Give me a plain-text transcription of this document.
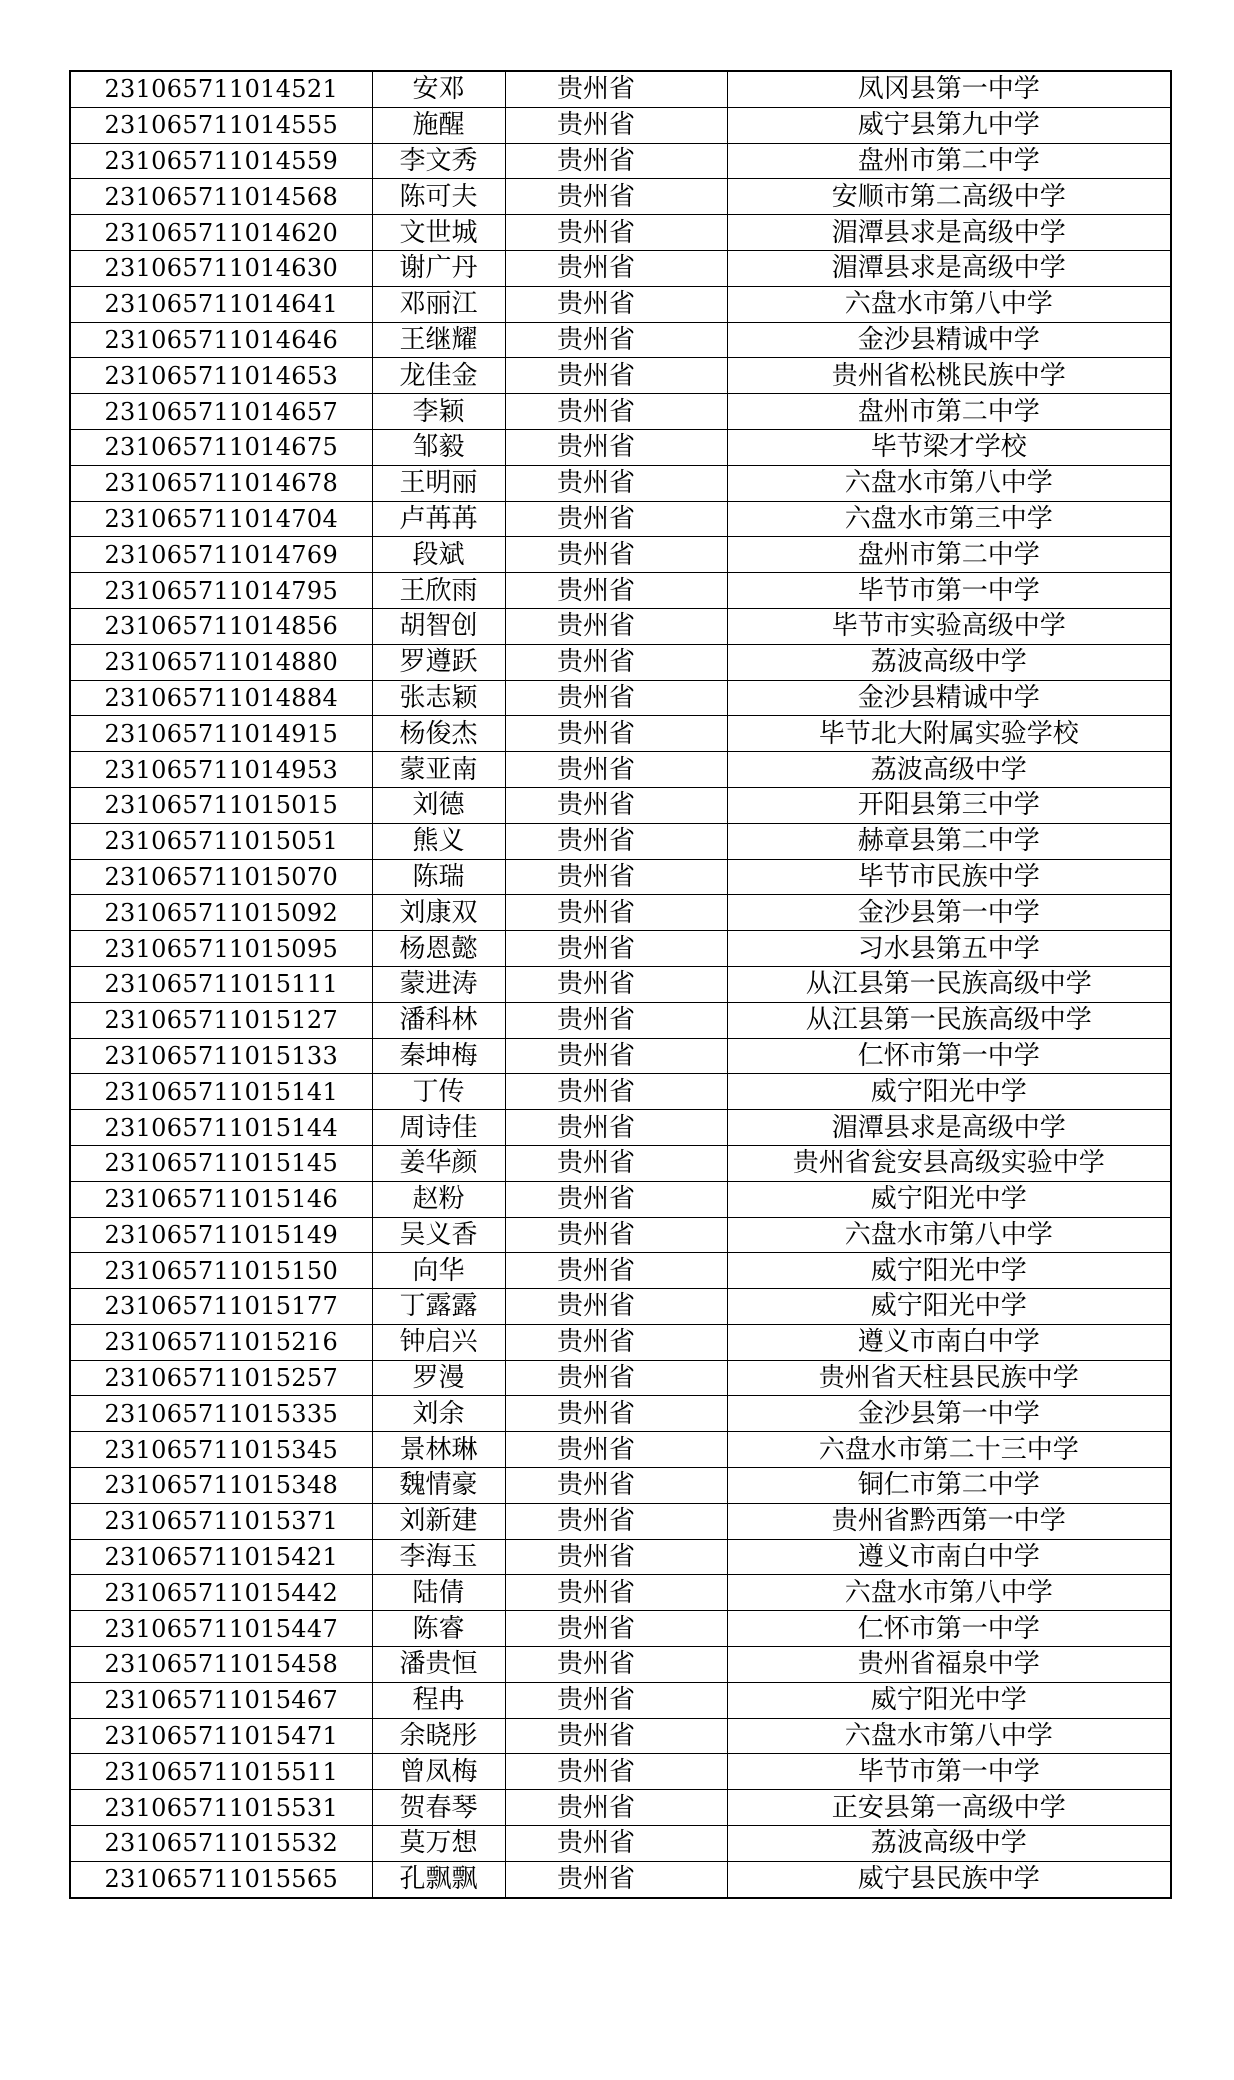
231065711014521	安邓	贵州省	凤冈县第一中学
231065711014555	施醒	贵州省	威宁县第九中学
231065711014559	李文秀	贵州省	盘州市第二中学
231065711014568	陈可夫	贵州省	安顺市第二高级中学
231065711014620	文世城	贵州省	湄潭县求是高级中学
231065711014630	谢广丹	贵州省	湄潭县求是高级中学
231065711014641	邓丽江	贵州省	六盘水市第八中学
231065711014646	王继耀	贵州省	金沙县精诚中学
231065711014653	龙佳金	贵州省	贵州省松桃民族中学
231065711014657	李颖	贵州省	盘州市第二中学
231065711014675	邹毅	贵州省	毕节梁才学校
231065711014678	王明丽	贵州省	六盘水市第八中学
231065711014704	卢苒苒	贵州省	六盘水市第三中学
231065711014769	段斌	贵州省	盘州市第二中学
231065711014795	王欣雨	贵州省	毕节市第一中学
231065711014856	胡智创	贵州省	毕节市实验高级中学
231065711014880	罗遵跃	贵州省	荔波高级中学
231065711014884	张志颖	贵州省	金沙县精诚中学
231065711014915	杨俊杰	贵州省	毕节北大附属实验学校
231065711014953	蒙亚南	贵州省	荔波高级中学
231065711015015	刘德	贵州省	开阳县第三中学
231065711015051	熊义	贵州省	赫章县第二中学
231065711015070	陈瑞	贵州省	毕节市民族中学
231065711015092	刘康双	贵州省	金沙县第一中学
231065711015095	杨恩懿	贵州省	习水县第五中学
231065711015111	蒙进涛	贵州省	从江县第一民族高级中学
231065711015127	潘科林	贵州省	从江县第一民族高级中学
231065711015133	秦坤梅	贵州省	仁怀市第一中学
231065711015141	丁传	贵州省	威宁阳光中学
231065711015144	周诗佳	贵州省	湄潭县求是高级中学
231065711015145	姜华颜	贵州省	贵州省瓮安县高级实验中学
231065711015146	赵粉	贵州省	威宁阳光中学
231065711015149	吴义香	贵州省	六盘水市第八中学
231065711015150	向华	贵州省	威宁阳光中学
231065711015177	丁露露	贵州省	威宁阳光中学
231065711015216	钟启兴	贵州省	遵义市南白中学
231065711015257	罗漫	贵州省	贵州省天柱县民族中学
231065711015335	刘余	贵州省	金沙县第一中学
231065711015345	景林琳	贵州省	六盘水市第二十三中学
231065711015348	魏情豪	贵州省	铜仁市第二中学
231065711015371	刘新建	贵州省	贵州省黔西第一中学
231065711015421	李海玉	贵州省	遵义市南白中学
231065711015442	陆倩	贵州省	六盘水市第八中学
231065711015447	陈睿	贵州省	仁怀市第一中学
231065711015458	潘贵恒	贵州省	贵州省福泉中学
231065711015467	程冉	贵州省	威宁阳光中学
231065711015471	余晓彤	贵州省	六盘水市第八中学
231065711015511	曾凤梅	贵州省	毕节市第一中学
231065711015531	贺春琴	贵州省	正安县第一高级中学
231065711015532	莫万想	贵州省	荔波高级中学
231065711015565	孔飘飘	贵州省	威宁县民族中学
